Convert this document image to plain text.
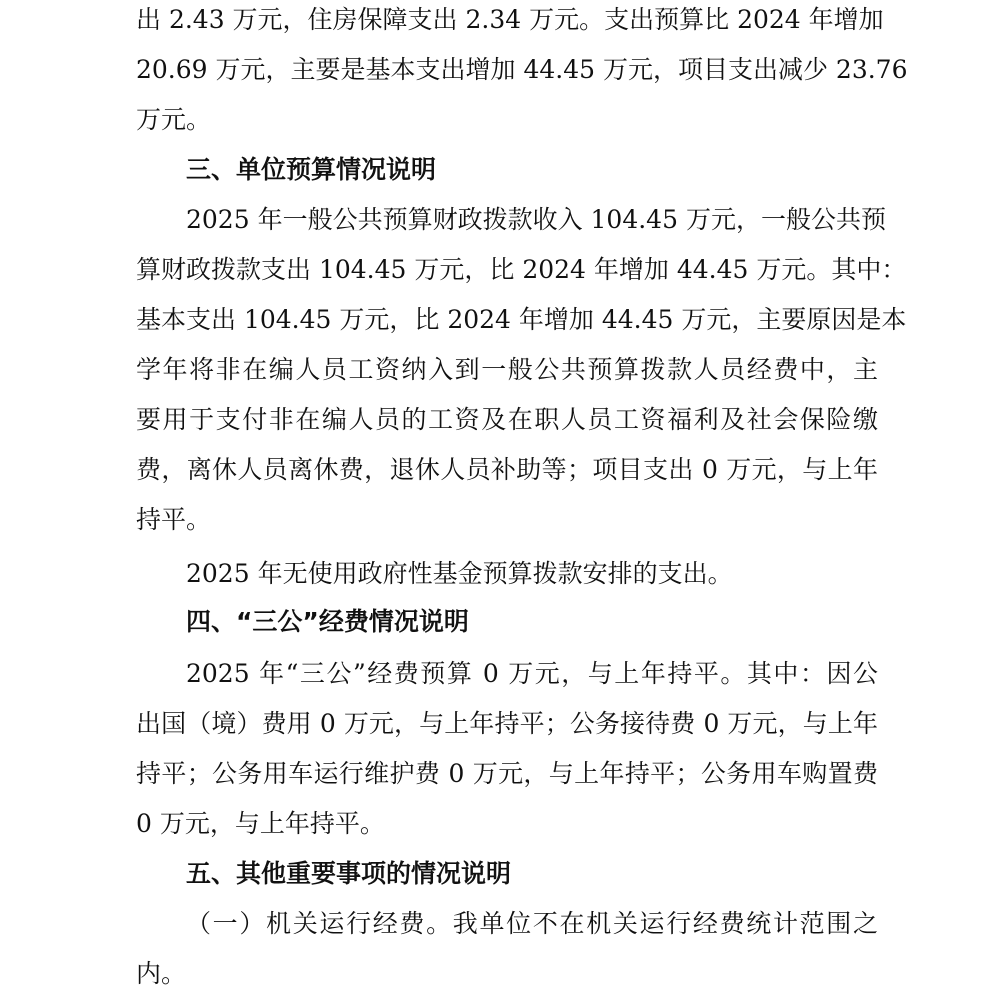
出 2.43 万元，住房保障支出 2.34 万元。支出预算比 2024 年增加
20.69 万元，主要是基本支出增加 44.45 万元，项目支出减少 23.76
万元。
三、单位预算情况说明
2025 年一般公共预算财政拨款收入 104.45 万元，一般公共预
算财政拨款支出 104.45 万元，比 2024 年增加 44.45 万元。其中：
基本支出 104.45 万元，比 2024 年增加 44.45 万元，主要原因是本
学年将非在编人员工资纳入到一般公共预算拨款人员经费中，主
要用于支付非在编人员的工资及在职人员工资福利及社会保险缴
费，离休人员离休费，退休人员补助等；项目支出 0 万元，与上年
持平。
2025 年无使用政府性基金预算拨款安排的支出。
四、“三公”经费情况说明
2025 年“三公”经费预算 0 万元，与上年持平。其中：因公
出国（境）费用 0 万元，与上年持平；公务接待费 0 万元，与上年
持平；公务用车运行维护费 0 万元，与上年持平；公务用车购置费
0 万元，与上年持平。
五、其他重要事项的情况说明
（一）机关运行经费。我单位不在机关运行经费统计范围之
内。
